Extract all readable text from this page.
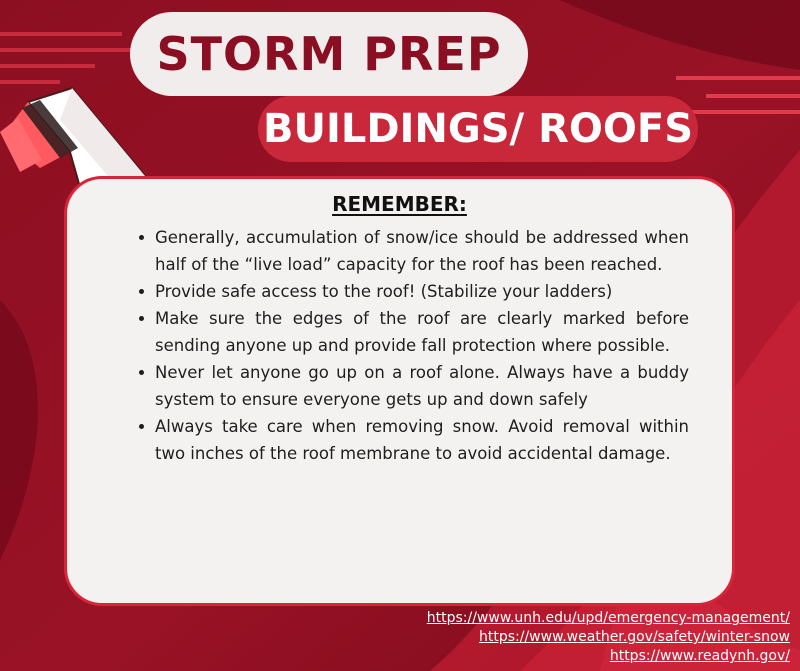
STORM PREP
BUILDINGS/ ROOFS
REMEMBER:
Generally, accumulation of snow/ice should be addressed when half of the “live load” capacity for the roof has been reached.
Provide safe access to the roof! (Stabilize your ladders)
Make sure the edges of the roof are clearly marked before sending anyone up and provide fall protection where possible.
Never let anyone go up on a roof alone. Always have a buddy system to ensure everyone gets up and down safely
Always take care when removing snow. Avoid removal within two inches of the roof membrane to avoid accidental damage.
https://www.unh.edu/upd/emergency-management/
https://www.weather.gov/safety/winter-snow
https://www.readynh.gov/
